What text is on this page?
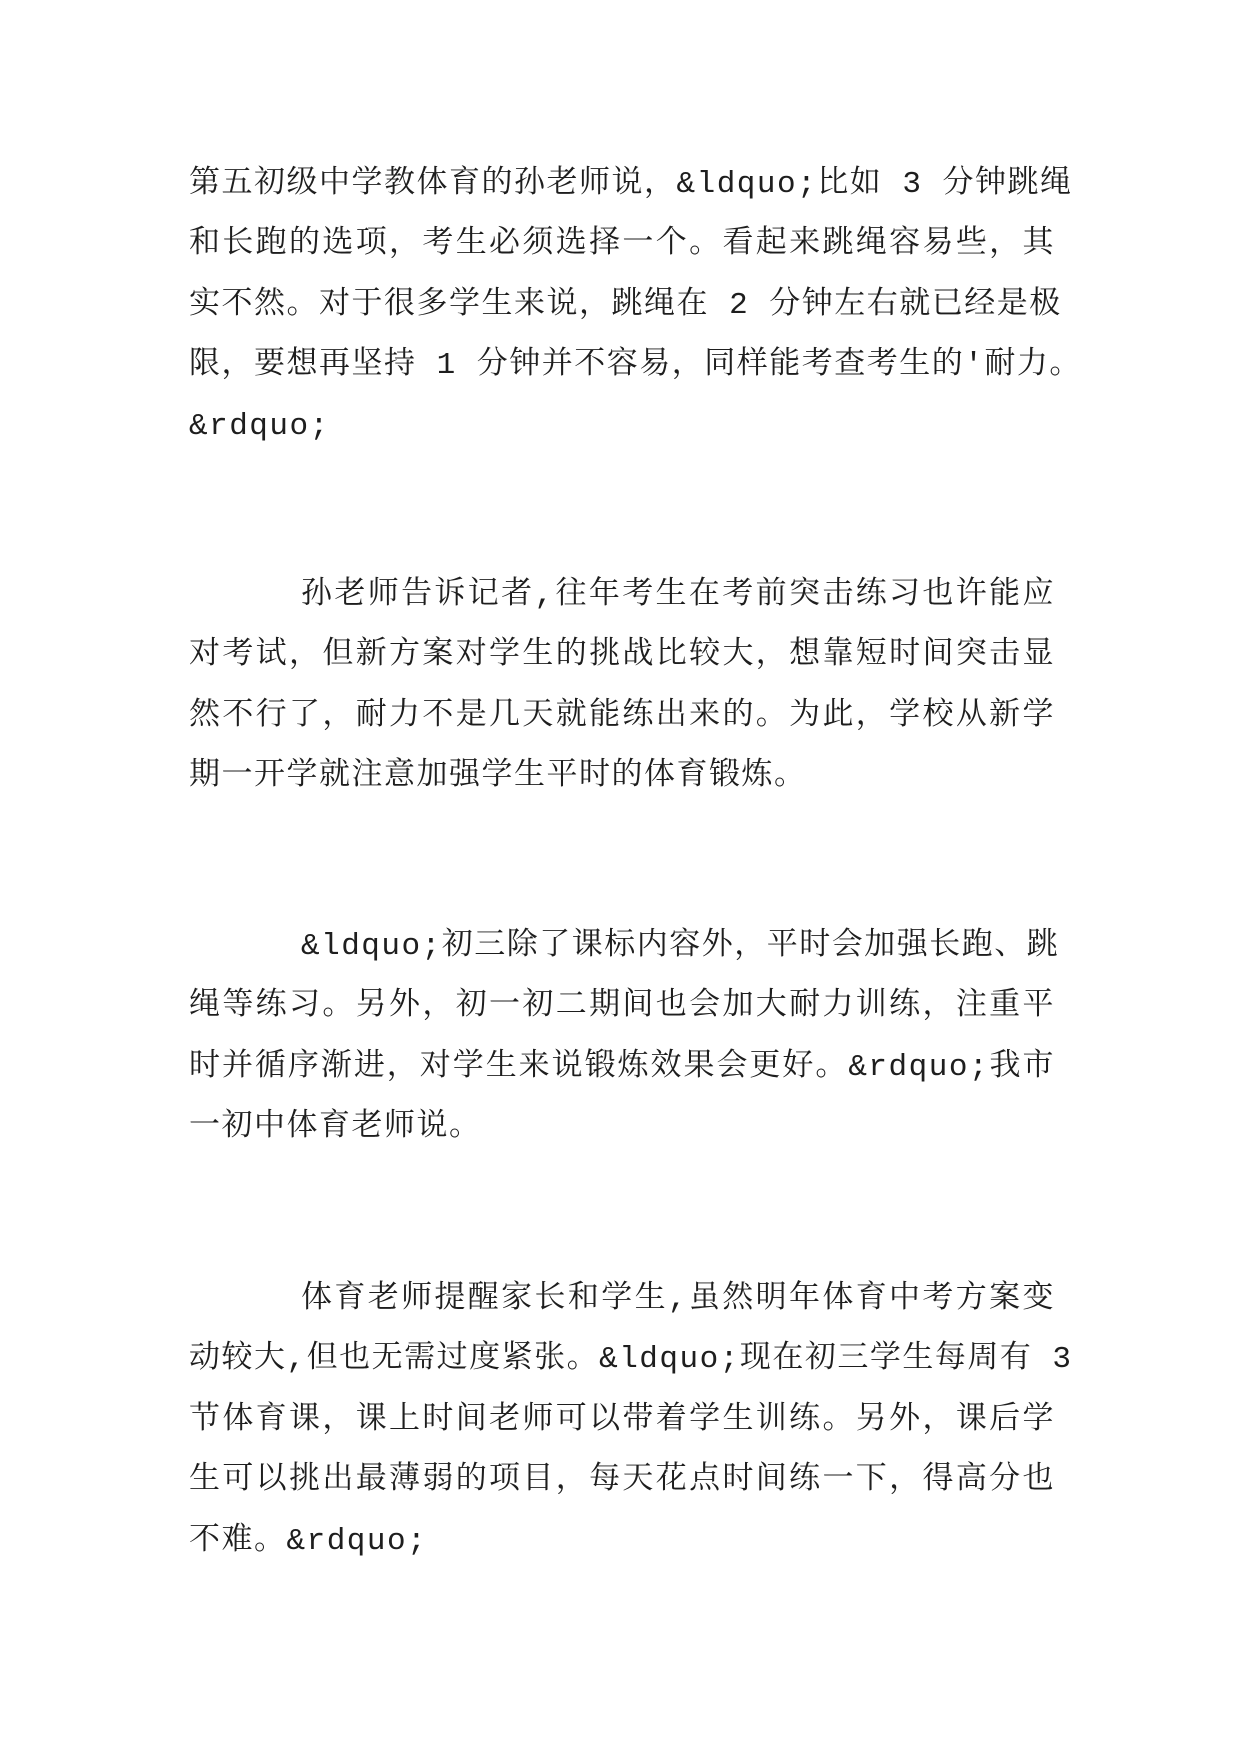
第五初级中学教体育的孙老师说，&ldquo;比如 3 分钟跳绳
和长跑的选项，考生必须选择一个。看起来跳绳容易些，其
实不然。对于很多学生来说，跳绳在 2 分钟左右就已经是极
限，要想再坚持 1 分钟并不容易，同样能考查考生的'耐力。
&rdquo;
孙老师告诉记者,往年考生在考前突击练习也许能应
对考试，但新方案对学生的挑战比较大，想靠短时间突击显
然不行了，耐力不是几天就能练出来的。为此，学校从新学
期一开学就注意加强学生平时的体育锻炼。
&ldquo;初三除了课标内容外，平时会加强长跑、跳
绳等练习。另外，初一初二期间也会加大耐力训练，注重平
时并循序渐进，对学生来说锻炼效果会更好。&rdquo;我市
一初中体育老师说。
体育老师提醒家长和学生,虽然明年体育中考方案变
动较大,但也无需过度紧张。&ldquo;现在初三学生每周有 3
节体育课，课上时间老师可以带着学生训练。另外，课后学
生可以挑出最薄弱的项目，每天花点时间练一下，得高分也
不难。&rdquo;
